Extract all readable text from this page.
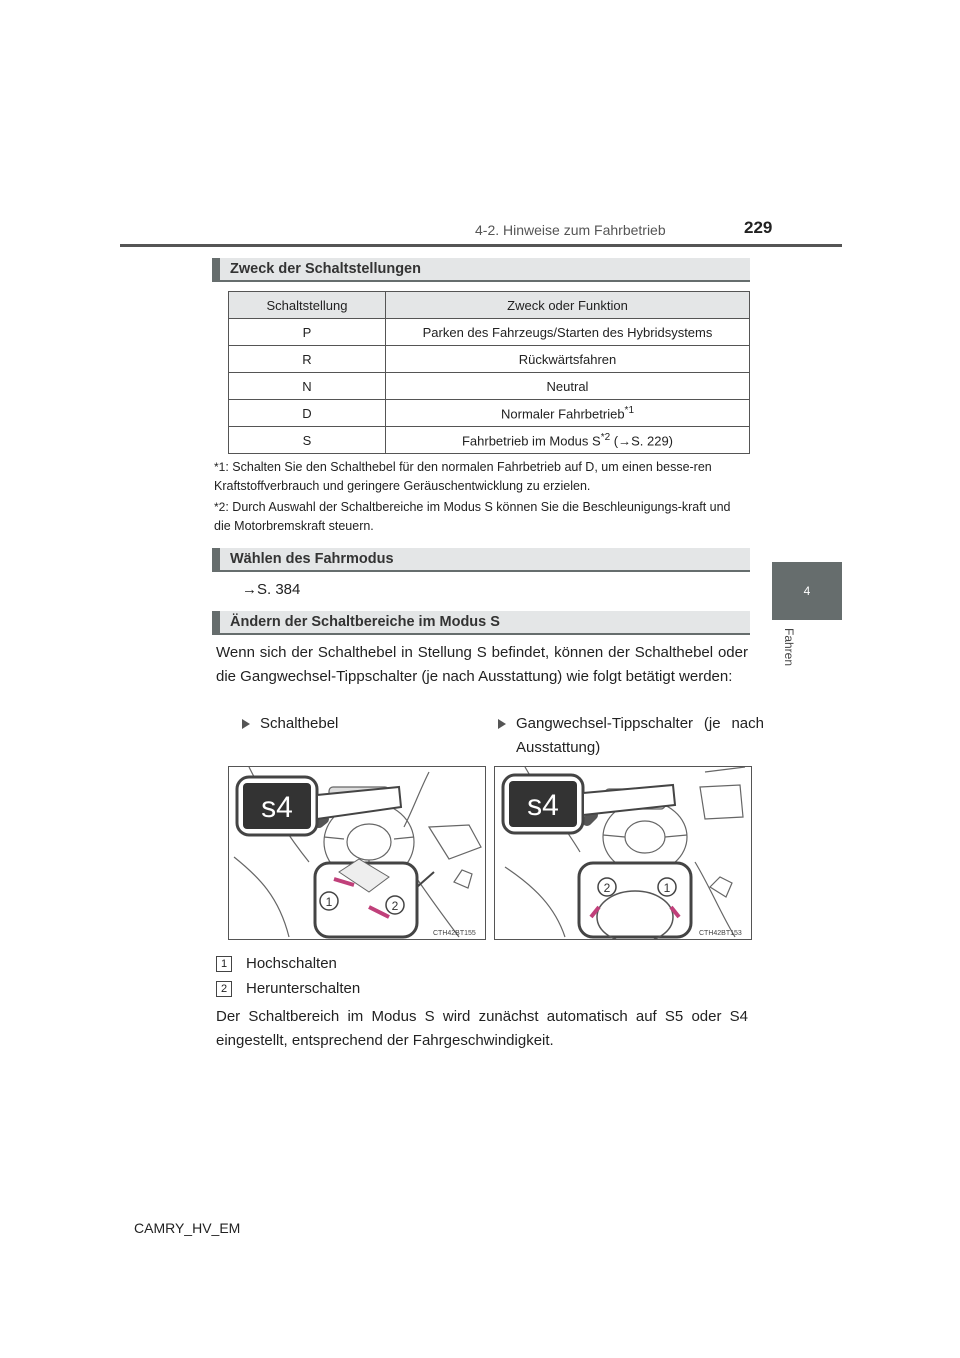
4-2. Hinweise zum Fahrbetrieb	229
4
Fahren
Zweck der Schaltstellungen
Schaltstellung	Zweck oder Funktion
P	Parken des Fahrzeugs/Starten des Hybridsystems
R	Rückwärtsfahren
N	Neutral
D	Normaler Fahrbetrieb$^{*1}$
S	Fahrbetrieb im Modus $S^{*2}$ (→S. 229)
*1: Schalten Sie den Schalthebel für den normalen Fahrbetrieb auf D, um einen besse-ren Kraftstoffverbrauch und geringere Geräuschentwicklung zu erzielen.
*2: Durch Auswahl der Schaltbereiche im Modus S können Sie die Beschleunigungs-kraft und die Motorbremskraft steuern.
Wählen des Fahrmodus
→S. 384
Ändern der Schaltbereiche im Modus S
Wenn sich der Schalthebel in Stellung S befindet, können der Schalthebel oder die Gangwechsel-Tippschalter (je nach Ausstattung) wie folgt betätigt werden:
Schalthebel	Gangwechsel-Tippschalter (je nach Ausstattung)
s4
1	2
CTH42BT155
s4
2	1
CTH42BT153
1 Hochschalten
2 Herunterschalten
Der Schaltbereich im Modus S wird zunächst automatisch auf S5 oder S4 eingestellt, entsprechend der Fahrgeschwindigkeit.
CAMRY_HV_EM
